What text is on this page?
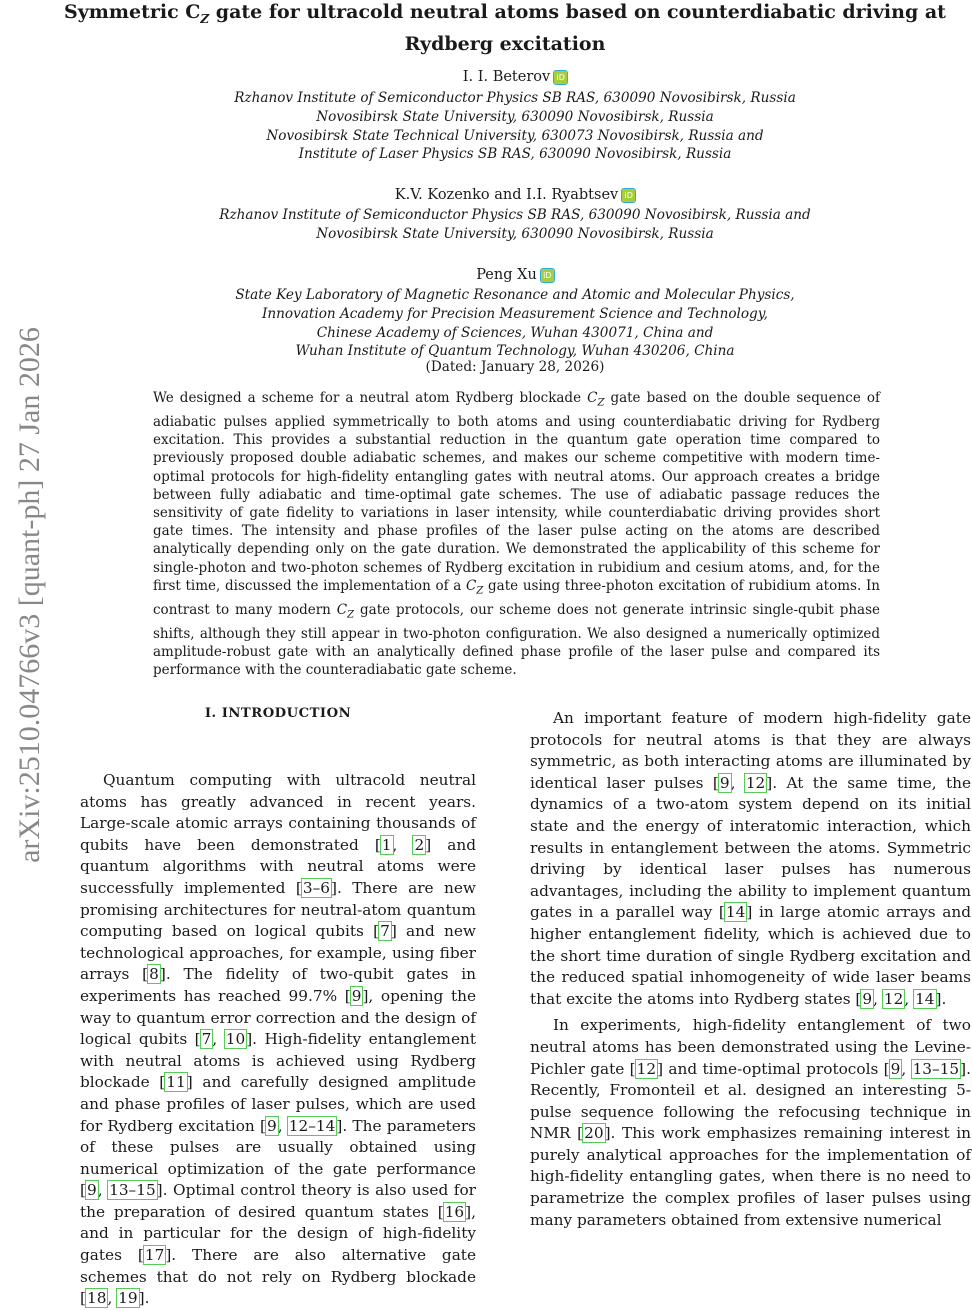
arXiv:2510.04766v3 [quant-ph] 27 Jan 2026
Symmetric $C_Z$ gate for ultracold neutral atoms based on counterdiabatic driving at
Rydberg excitation
I. I. Beterov iD
Rzhanov Institute of Semiconductor Physics SB RAS, 630090 Novosibirsk, Russia
Novosibirsk State University, 630090 Novosibirsk, Russia
Novosibirsk State Technical University, 630073 Novosibirsk, Russia and
Institute of Laser Physics SB RAS, 630090 Novosibirsk, Russia
K.V. Kozenko and I.I. Ryabtsev iD
Rzhanov Institute of Semiconductor Physics SB RAS, 630090 Novosibirsk, Russia and
Novosibirsk State University, 630090 Novosibirsk, Russia
Peng Xu iD
State Key Laboratory of Magnetic Resonance and Atomic and Molecular Physics,
Innovation Academy for Precision Measurement Science and Technology,
Chinese Academy of Sciences, Wuhan 430071, China and
Wuhan Institute of Quantum Technology, Wuhan 430206, China
(Dated: January 28, 2026)
We designed a scheme for a neutral atom Rydberg blockade $C_Z$ gate based on the double sequence of adiabatic pulses applied symmetrically to both atoms and using counterdiabatic driving for Rydberg excitation. This provides a substantial reduction in the quantum gate operation time compared to previously proposed double adiabatic schemes, and makes our scheme competitive with modern time-optimal protocols for high-fidelity entangling gates with neutral atoms. Our approach creates a bridge between fully adiabatic and time-optimal gate schemes. The use of adiabatic passage reduces the sensitivity of gate fidelity to variations in laser intensity, while counterdiabatic driving provides short gate times. The intensity and phase profiles of the laser pulse acting on the atoms are described analytically depending only on the gate duration. We demonstrated the applicability of this scheme for single-photon and two-photon schemes of Rydberg excitation in rubidium and cesium atoms, and, for the first time, discussed the implementation of a $C_Z$ gate using three-photon excitation of rubidium atoms. In contrast to many modern $C_Z$ gate protocols, our scheme does not generate intrinsic single-qubit phase shifts, although they still appear in two-photon configuration. We also designed a numerically optimized amplitude-robust gate with an analytically defined phase profile of the laser pulse and compared its performance with the counteradiabatic gate scheme.
I. INTRODUCTION

Quantum computing with ultracold neutral atoms has greatly advanced in recent years. Large-scale atomic arrays containing thousands of qubits have been demonstrated [1, 2] and quantum algorithms with neutral atoms were successfully implemented [3–6]. There are new promising architectures for neutral-atom quantum computing based on logical qubits [7] and new technological approaches, for example, using fiber arrays [8]. The fidelity of two-qubit gates in experiments has reached 99.7% [9], opening the way to quantum error correction and the design of logical qubits [7, 10]. High-fidelity entanglement with neutral atoms is achieved using Rydberg blockade [11] and carefully designed amplitude and phase profiles of laser pulses, which are used for Rydberg excitation [9, 12–14]. The parameters of these pulses are usually obtained using numerical optimization of the gate performance [9, 13–15]. Optimal control theory is also used for the preparation of desired quantum states [16], and in particular for the design of high-fidelity gates [17]. There are also alternative gate schemes that do not rely on Rydberg blockade [18, 19].

An important feature of modern high-fidelity gate protocols for neutral atoms is that they are always symmetric, as both interacting atoms are illuminated by identical laser pulses [9, 12]. At the same time, the dynamics of a two-atom system depend on its initial state and the energy of interatomic interaction, which results in entanglement between the atoms. Symmetric driving by identical laser pulses has numerous advantages, including the ability to implement quantum gates in a parallel way [14] in large atomic arrays and higher entanglement fidelity, which is achieved due to the short time duration of single Rydberg excitation and the reduced spatial inhomogeneity of wide laser beams that excite the atoms into Rydberg states [9, 12, 14].

In experiments, high-fidelity entanglement of two neutral atoms has been demonstrated using the Levine-Pichler gate [12] and time-optimal protocols [9, 13–15]. Recently, Fromonteil et al. designed an interesting 5-pulse sequence following the refocusing technique in NMR [20]. This work emphasizes remaining interest in purely analytical approaches for the implementation of high-fidelity entangling gates, when there is no need to parametrize the complex profiles of laser pulses using many parameters obtained from extensive numerical
